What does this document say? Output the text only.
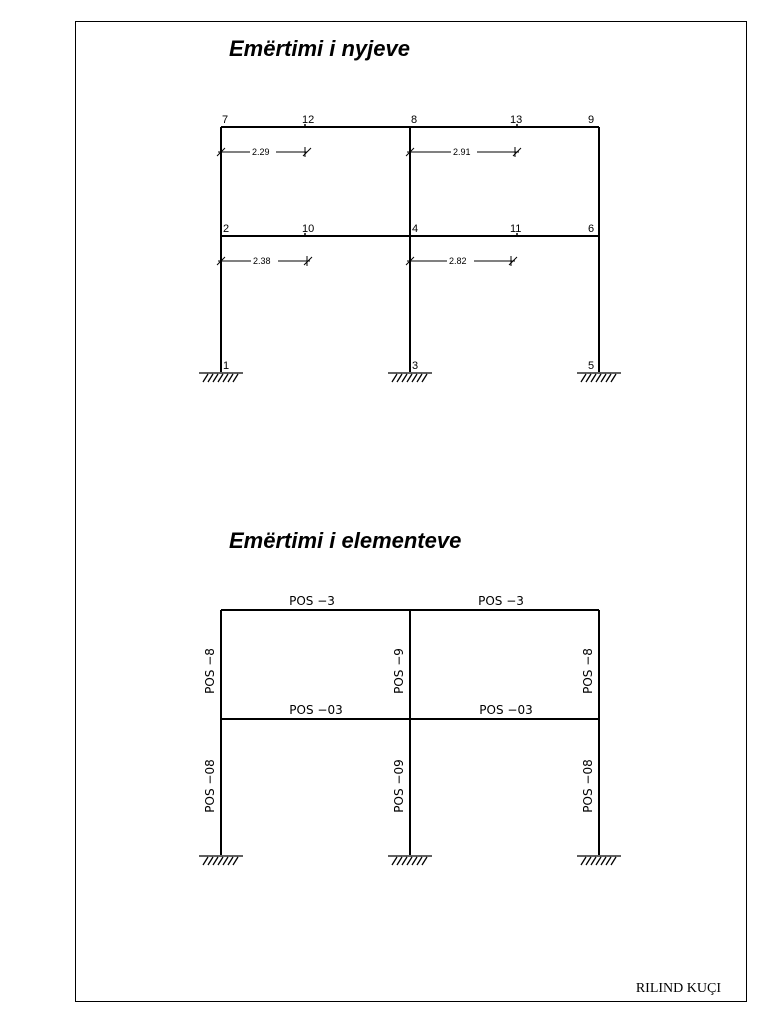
Emërtimi i nyjeve
Emërtimi i elementeve
7	12	8	13	9
2	10	4	11	6
1	3	5
2.29	2.91
2.38	2.82
POS −3	POS −3
POS −03	POS −03
POS −8	POS −9	POS −8
POS −08	POS −09	POS −08
RILIND KUÇI
